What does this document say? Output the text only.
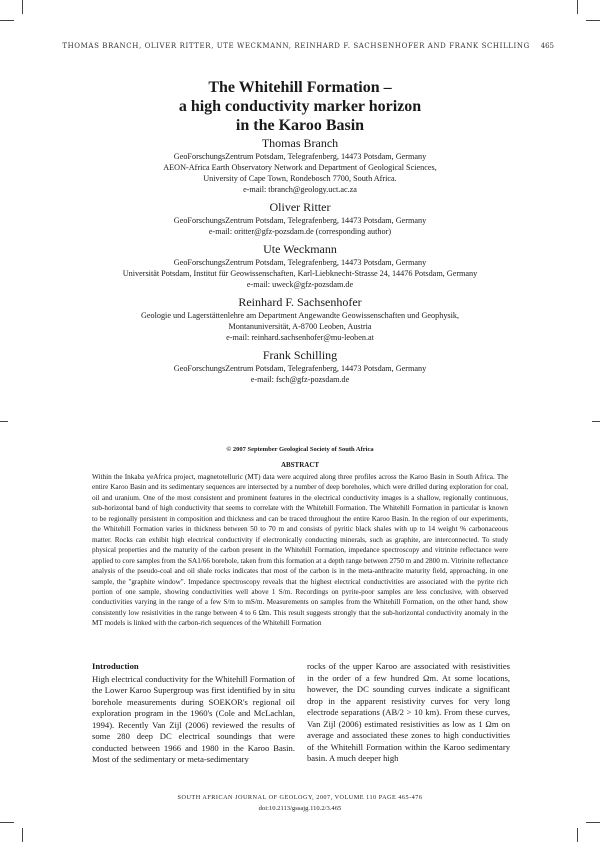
THOMAS BRANCH, OLIVER RITTER, UTE WECKMANN, REINHARD F. SACHSENHOFER AND FRANK SCHILLING 465
The Whitehill Formation –
a high conductivity marker horizon
in the Karoo Basin
Thomas Branch
GeoForschungsZentrum Potsdam, Telegrafenberg, 14473 Potsdam, Germany
AEON-Africa Earth Observatory Network and Department of Geological Sciences,
University of Cape Town, Rondebosch 7700, South Africa.
e-mail: tbranch@geology.uct.ac.za
Oliver Ritter
GeoForschungsZentrum Potsdam, Telegrafenberg, 14473 Potsdam, Germany
e-mail: oritter@gfz-pozsdam.de (corresponding author)
Ute Weckmann
GeoForschungsZentrum Potsdam, Telegrafenberg, 14473 Potsdam, Germany
Universität Potsdam, Institut für Geowissenschaften, Karl-Liebknecht-Strasse 24, 14476 Potsdam, Germany
e-mail: uweck@gfz-pozsdam.de
Reinhard F. Sachsenhofer
Geologie und Lagerstättenlehre am Department Angewandte Geowissenschaften und Geophysik,
Montanuniversität, A-8700 Leoben, Austria
e-mail: reinhard.sachsenhofer@mu-leoben.at
Frank Schilling
GeoForschungsZentrum Potsdam, Telegrafenberg, 14473 Potsdam, Germany
e-mail: fsch@gfz-pozsdam.de
© 2007 September Geological Society of South Africa
ABSTRACT
Within the Inkaba yeAfrica project, magnetotelluric (MT) data were acquired along three profiles across the Karoo Basin in South Africa. The entire Karoo Basin and its sedimentary sequences are intersected by a number of deep boreholes, which were drilled during exploration for coal, oil and uranium. One of the most consistent and prominent features in the electrical conductivity images is a shallow, regionally continuous, sub-horizontal band of high conductivity that seems to correlate with the Whitehill Formation. The Whitehill Formation in particular is known to be regionally persistent in composition and thickness and can be traced throughout the entire Karoo Basin. In the region of our experiments, the Whitehill Formation varies in thickness between 50 to 70 m and consists of pyritic black shales with up to 14 weight % carbonaceous matter. Rocks can exhibit high electrical conductivity if electronically conducting minerals, such as graphite, are interconnected. To study physical properties and the maturity of the carbon present in the Whitehill Formation, impedance spectroscopy and vitrinite reflectance were applied to core samples from the SA1/66 borehole, taken from this formation at a depth range between 2750 m and 2800 m. Vitrinite reflectance analysis of the pseudo-coal and oil shale rocks indicates that most of the carbon is in the meta-anthracite maturity field, approaching, in one sample, the "graphite window". Impedance spectroscopy reveals that the highest electrical conductivities are associated with the pyrite rich portion of one sample, showing conductivities well above 1 S/m. Recordings on pyrite-poor samples are less conclusive, with observed conductivities varying in the range of a few S/m to mS/m. Measurements on samples from the Whitehill Formation, on the other hand, show consistently low resistivities in the range between 4 to 6 Ωm. This result suggests strongly that the sub-horizontal conductivity anomaly in the MT models is linked with the carbon-rich sequences of the Whitehill Formation
Introduction
High electrical conductivity for the Whitehill Formation of the Lower Karoo Supergroup was first identified by in situ borehole measurements during SOEKOR's regional oil exploration program in the 1960's (Cole and McLachlan, 1994). Recently Van Zijl (2006) reviewed the results of some 280 deep DC electrical soundings that were conducted between 1966 and 1980 in the Karoo Basin. Most of the sedimentary or meta-sedimentary
rocks of the upper Karoo are associated with resistivities in the order of a few hundred Ωm. At some locations, however, the DC sounding curves indicate a significant drop in the apparent resistivity curves for very long electrode separations (AB/2 > 10 km). From these curves, Van Zijl (2006) estimated resistivities as low as 1 Ωm on average and associated these zones to high conductivities of the Whitehill Formation within the Karoo sedimentary basin. A much deeper high
SOUTH AFRICAN JOURNAL OF GEOLOGY, 2007, VOLUME 110 PAGE 465-476
doi:10.2113/gssajg.110.2/3.465
